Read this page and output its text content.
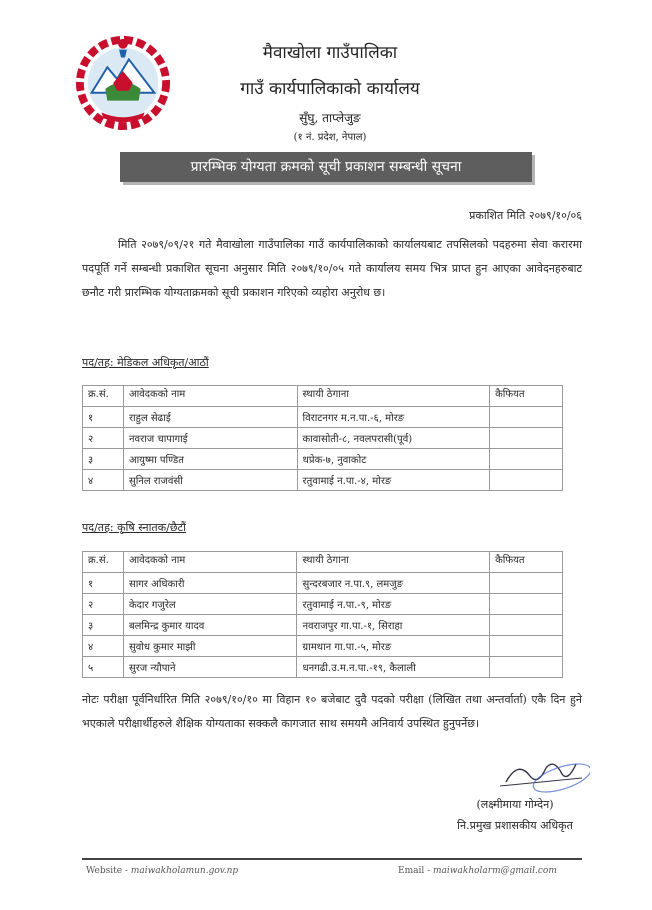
मैवाखोला गाउँपालिका
गाउँ कार्यपालिकाको कार्यालय
सुँघु, ताप्लेजुङ
(१ नं. प्रदेश, नेपाल)
प्रारम्भिक योग्यता क्रमको सूची प्रकाशन सम्बन्धी सूचना
प्रकाशित मिति २०७९/१०/०६
मिति २०७९/०९/२१ गते मैवाखोला गाउँपालिका गाउँ कार्यपालिकाको कार्यालयबाट तपसिलको पदहरुमा सेवा करारमा पदपूर्ति गर्ने सम्बन्धी प्रकाशित सूचना अनुसार मिति २०७९/१०/०५ गते कार्यालय समय भित्र प्राप्त हुन आएका आवेदनहरुबाट छनौट गरी प्रारम्भिक योग्यताक्रमको सूची प्रकाशन गरिएको व्यहोरा अनुरोध छ।
पद/तह: मेडिकल अधिकृत/आठौं
क्र.सं.	आवेदकको नाम	स्थायी ठेगाना	कैफियत
१	राहुल सेढाई	विराटनगर म.न.पा.-६, मोरङ	
२	नवराज चापागाई	कावासोती-८, नवलपरासी(पूर्व)	
३	आयुष्मा पण्डित	थप्रेक-७, नुवाकोट	
४	सुनिल राजवंसी	रतुवामाई न.पा.-४, मोरङ	
पद/तह: कृषि स्नातक/छैटौं
क्र.सं.	आवेदकको नाम	स्थायी ठेगाना	कैफियत
१	सागर अधिकारी	सुन्दरबजार न.पा.९, लमजुङ	
२	केदार गजुरेल	रतुवामाई न.पा.-९, मोरङ	
३	बलमिन्द्र कुमार यादव	नवराजपुर गा.पा.-१, सिराहा	
४	सुवोध कुमार माझी	ग्रामथान गा.पा.-५, मोरङ	
५	सुरज न्यौपाने	धनगढी.उ.म.न.पा.-१९, कैलाली	
नोटः परीक्षा पूर्वनिर्धारित मिति २०७९/१०/१० मा विहान १० बजेबाट दुवै पदको परीक्षा (लिखित तथा अन्तर्वार्ता) एकै दिन हुने भएकाले परीक्षार्थीहरुले शैक्षिक योग्यताका सक्कलै कागजात साथ समयमै अनिवार्य उपस्थित हुनुपर्नेछ।
(लक्ष्मीमाया गोम्देन)
नि.प्रमुख प्रशासकीय अधिकृत
Website - maiwakholamun.gov.np	Email - maiwakholarm@gmail.com
